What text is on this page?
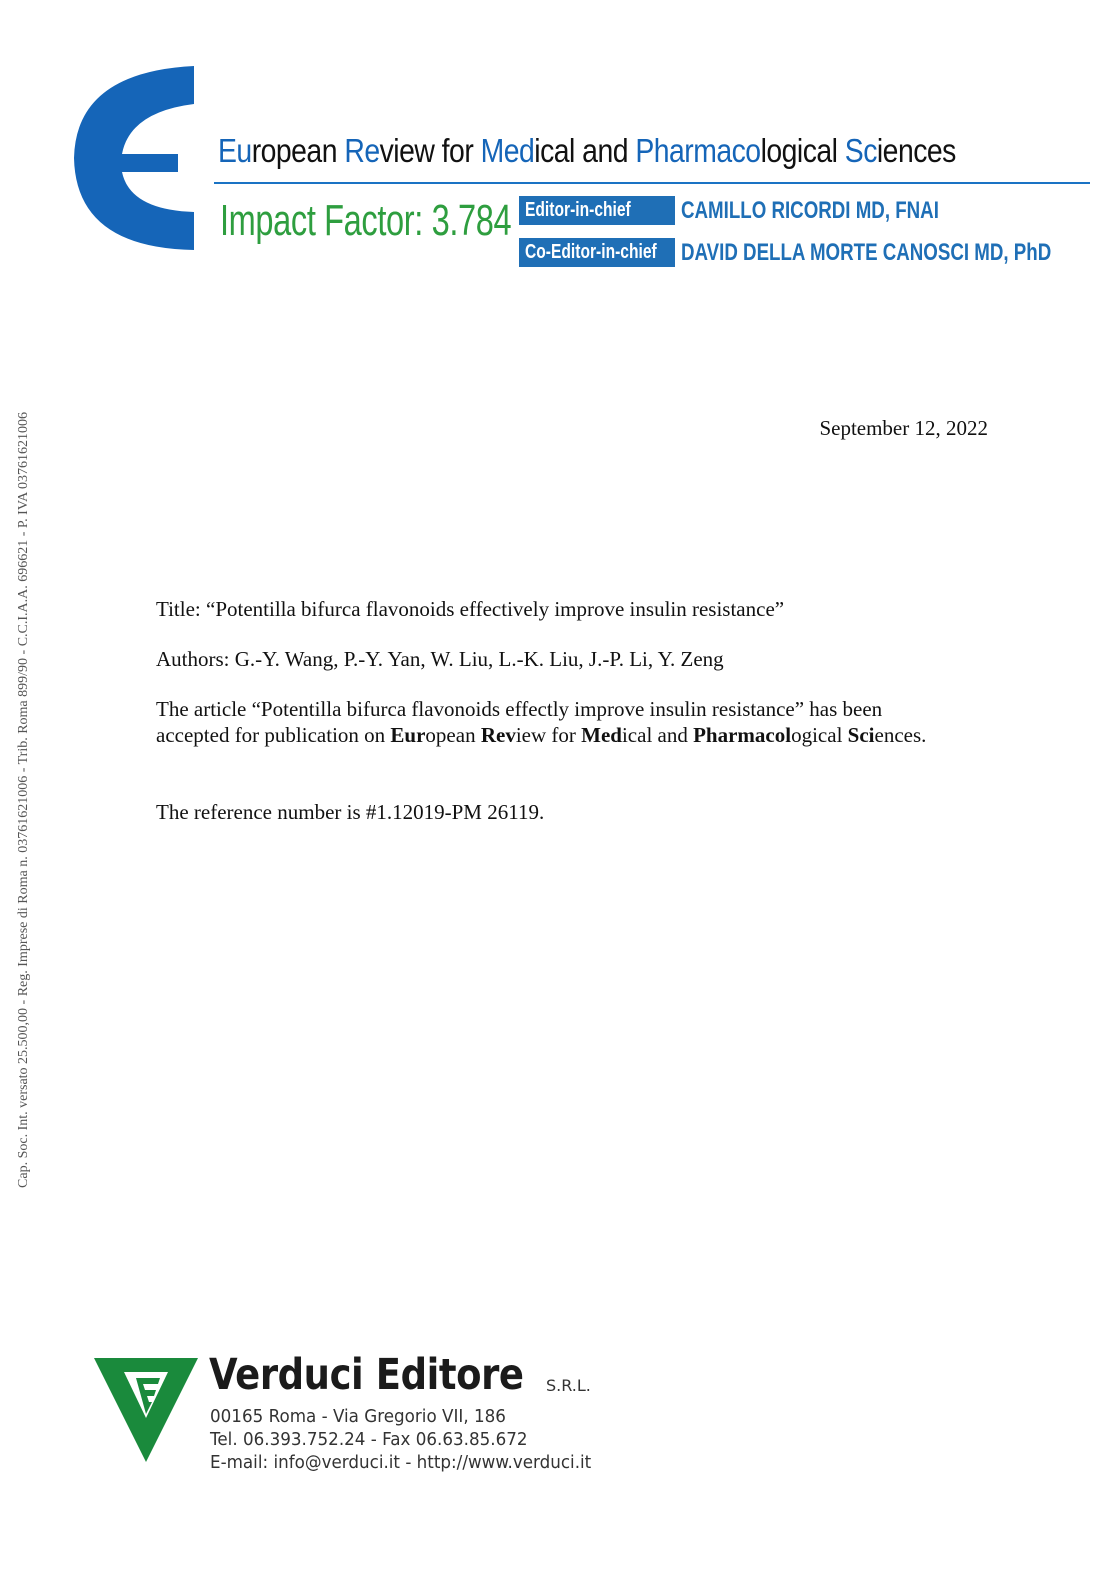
European Review for Medical and Pharmacological Sciences
Impact Factor: 3.784 Editor-in-chief CAMILLO RICORDI MD, FNAI
Co-Editor-in-chief DAVID DELLA MORTE CANOSCI MD, PhD
Cap. Soc. Int. versato 25.500,00 - Reg. Imprese di Roma n. 03761621006 - Trib. Roma 899/90 - C.C.I.A.A. 696621 - P. IVA 03761621006	September 12, 2022
Title: “Potentilla bifurca flavonoids effectively improve insulin resistance”
Authors: G.-Y. Wang, P.-Y. Yan, W. Liu, L.-K. Liu, J.-P. Li, Y. Zeng
The article “Potentilla bifurca flavonoids effectly improve insulin resistance” has been accepted for publication on European Review for Medical and Pharmacological Sciences.
The reference number is #1.12019-PM 26119.
Verduci Editore S.R.L.
00165 Roma - Via Gregorio VII, 186
Tel. 06.393.752.24 - Fax 06.63.85.672
E-mail: info@verduci.it - http://www.verduci.it
